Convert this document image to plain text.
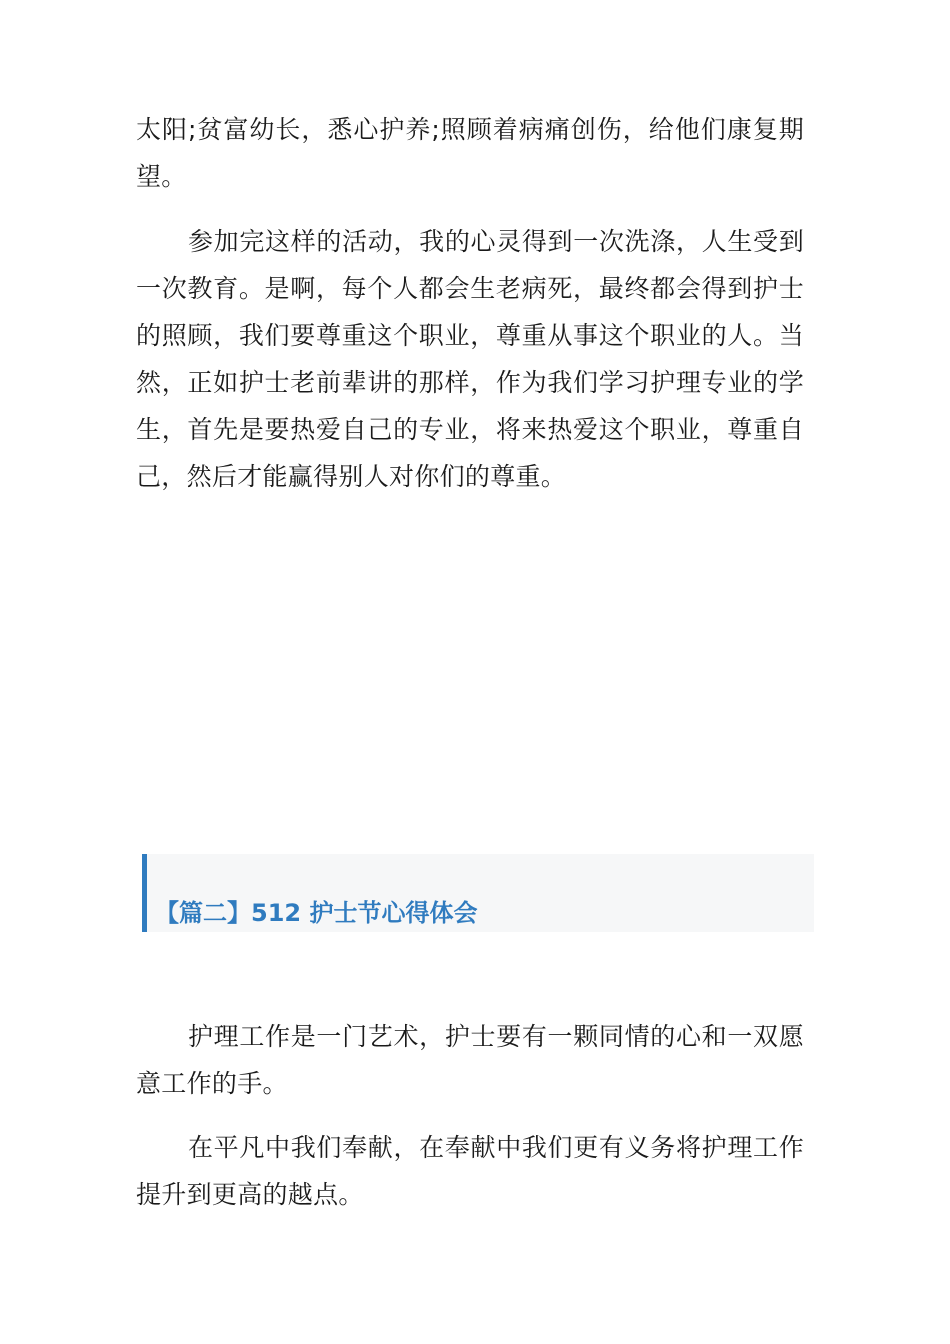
太阳;贫富幼长，悉心护养;照顾着病痛创伤，给他们康复期望。

参加完这样的活动，我的心灵得到一次洗涤，人生受到一次教育。是啊，每个人都会生老病死，最终都会得到护士的照顾，我们要尊重这个职业，尊重从事这个职业的人。当然，正如护士老前辈讲的那样，作为我们学习护理专业的学生，首先是要热爱自己的专业，将来热爱这个职业，尊重自己，然后才能赢得别人对你们的尊重。

【篇二】512 护士节心得体会

护理工作是一门艺术，护士要有一颗同情的心和一双愿意工作的手。

在平凡中我们奉献，在奉献中我们更有义务将护理工作提升到更高的越点。
